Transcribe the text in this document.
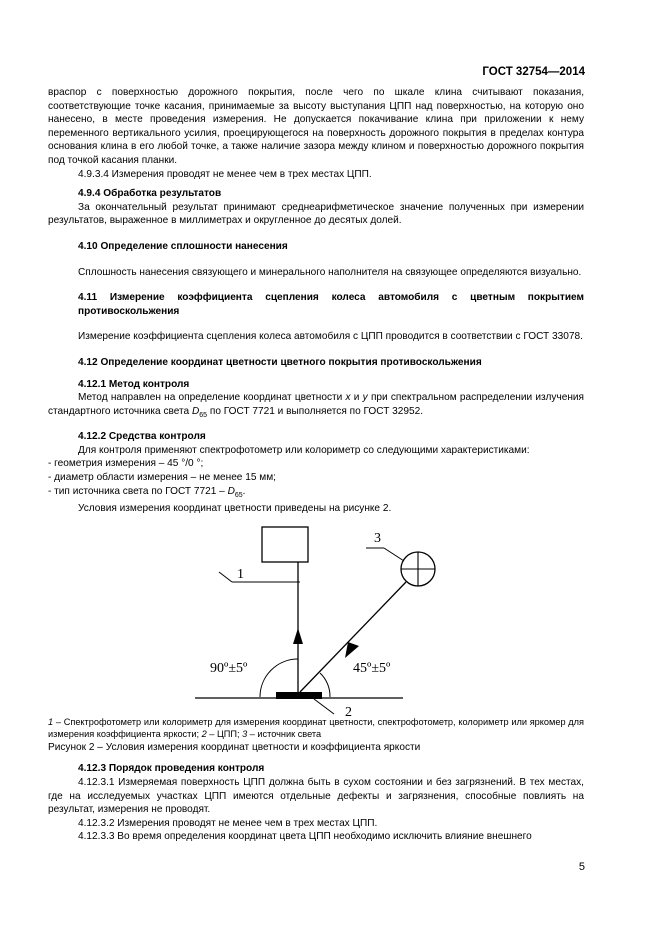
ГОСТ 32754—2014

враспор с поверхностью дорожного покрытия, после чего по шкале клина считывают показания, соответствующие точке касания, принимаемые за высоту выступания ЦПП над поверхностью, на которую оно нанесено, в месте проведения измерения. Не допускается покачивание клина при приложении к нему переменного вертикального усилия, проецирующегося на поверхность дорожного покрытия в пределах контура основания клина в его любой точке, а также наличие зазора между клином и поверхностью дорожного покрытия под точкой касания планки.

4.9.3.4 Измерения проводят не менее чем в трех местах ЦПП.

4.9.4 Обработка результатов

За окончательный результат принимают среднеарифметическое значение полученных при измерении результатов, выраженное в миллиметрах и округленное до десятых долей.

4.10 Определение сплошности нанесения

Сплошность нанесения связующего и минерального наполнителя на связующее определяются визуально.

4.11 Измерение коэффициента сцепления колеса автомобиля с цветным покрытием противоскольжения

Измерение коэффициента сцепления колеса автомобиля с ЦПП проводится в соответствии с ГОСТ 33078.

4.12 Определение координат цветности цветного покрытия противоскольжения

4.12.1 Метод контроля

Метод направлен на определение координат цветности x и y при спектральном распределении излучения стандартного источника света $D_{65}$ по ГОСТ 7721 и выполняется по ГОСТ 32952.

4.12.2 Средства контроля

Для контроля применяют спектрофотометр или колориметр со следующими характеристиками:

- геометрия измерения – 45 °/0 °;

- диаметр области измерения – не менее 15 мм;

- тип источника света по ГОСТ $7721 - D_{65}$.

Условия измерения координат цветности приведены на рисунке 2.

1
3
90º±5º	45º±5º
2

1 – Спектрофотометр или колориметр для измерения координат цветности, спектрофотометр, колориметр или яркомер для измерения коэффициента яркости; 2 – ЦПП; 3 – источник света

Рисунок 2 – Условия измерения координат цветности и коэффициента яркости

4.12.3 Порядок проведения контроля

4.12.3.1 Измеряемая поверхность ЦПП должна быть в сухом состоянии и без загрязнений. В тех местах, где на исследуемых участках ЦПП имеются отдельные дефекты и загрязнения, способные повлиять на результат, измерения не проводят.

4.12.3.2 Измерения проводят не менее чем в трех местах ЦПП.

4.12.3.3 Во время определения координат цвета ЦПП необходимо исключить влияние внешнего

5
